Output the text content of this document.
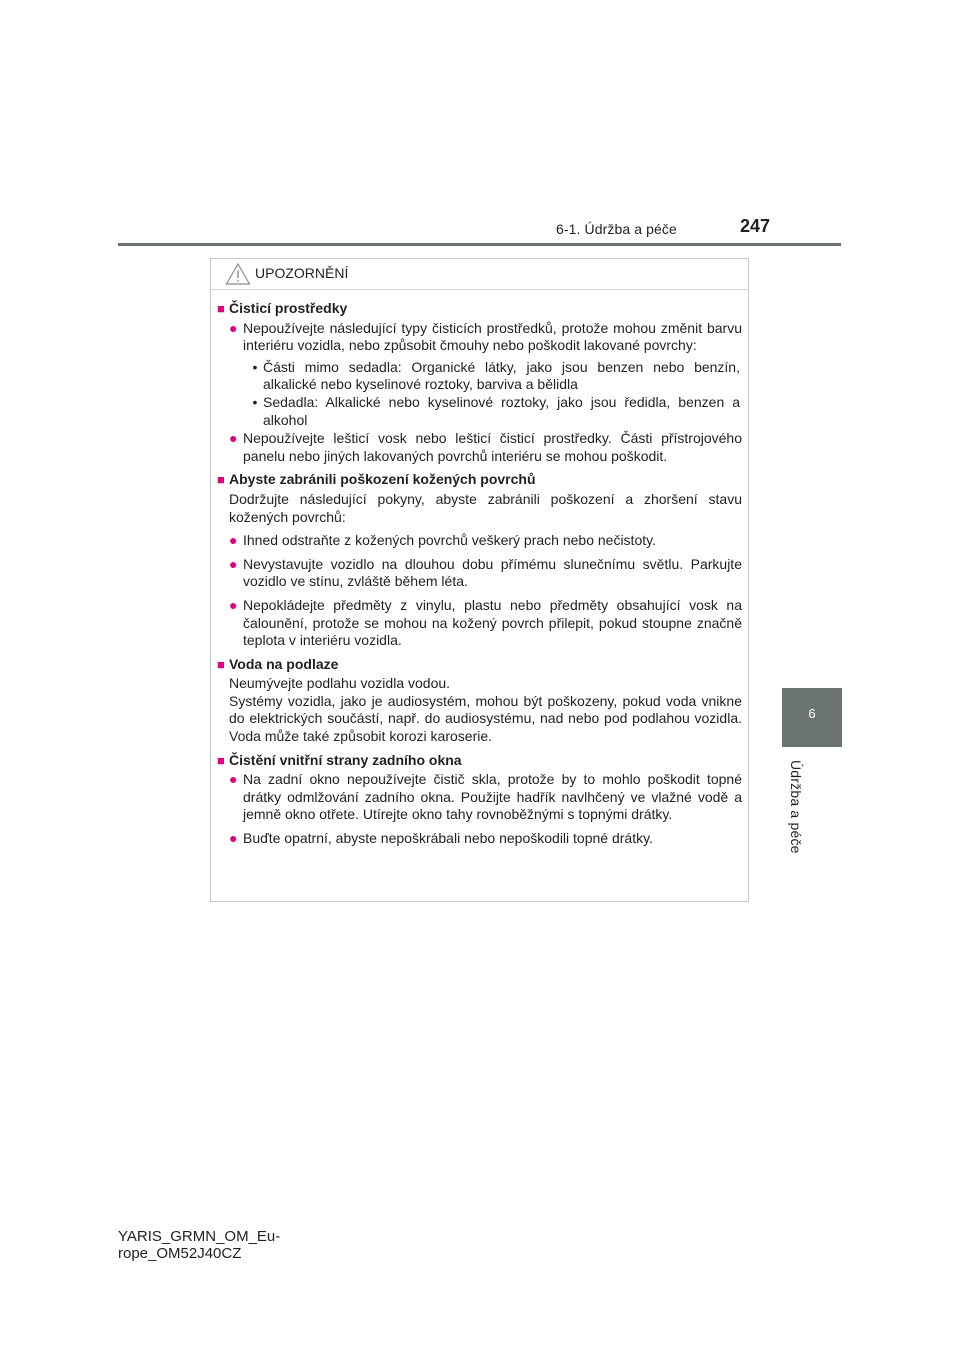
6-1. Údržba a péče	247
6
Údržba a péče
UPOZORNĚNÍ
■ Čisticí prostředky
● Nepoužívejte následující typy čisticích prostředků, protože mohou změnit barvu interiéru vozidla, nebo způsobit čmouhy nebo poškodit lakované povrchy:
• Části mimo sedadla: Organické látky, jako jsou benzen nebo benzín, alkalické nebo kyselinové roztoky, barviva a bělidla
• Sedadla: Alkalické nebo kyselinové roztoky, jako jsou ředidla, benzen a alkohol
● Nepoužívejte lešticí vosk nebo lešticí čisticí prostředky. Části přístrojového panelu nebo jiných lakovaných povrchů interiéru se mohou poškodit.
■ Abyste zabránili poškození kožených povrchů
Dodržujte následující pokyny, abyste zabránili poškození a zhoršení stavu kožených povrchů:
● Ihned odstraňte z kožených povrchů veškerý prach nebo nečistoty.
● Nevystavujte vozidlo na dlouhou dobu přímému slunečnímu světlu. Parkujte vozidlo ve stínu, zvláště během léta.
● Nepokládejte předměty z vinylu, plastu nebo předměty obsahující vosk na čalounění, protože se mohou na kožený povrch přilepit, pokud stoupne značně teplota v interiéru vozidla.
■ Voda na podlaze
Neumývejte podlahu vozidla vodou.
Systémy vozidla, jako je audiosystém, mohou být poškozeny, pokud voda vnikne do elektrických součástí, např. do audiosystému, nad nebo pod podlahou vozidla. Voda může také způsobit korozi karoserie.
■ Čistění vnitřní strany zadního okna
● Na zadní okno nepoužívejte čistič skla, protože by to mohlo poškodit topné drátky odmlžování zadního okna. Použijte hadřík navlhčený ve vlažné vodě a jemně okno otřete. Utírejte okno tahy rovnoběžnými s topnými drátky.
● Buďte opatrní, abyste nepoškrábali nebo nepoškodili topné drátky.
YARIS_GRMN_OM_Eu-
rope_OM52J40CZ
